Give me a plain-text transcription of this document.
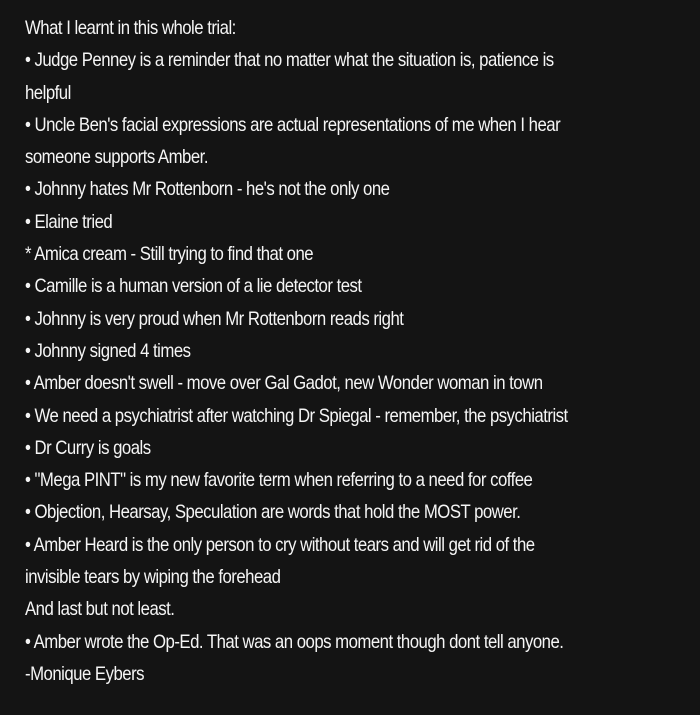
What I learnt in this whole trial:
• Judge Penney is a reminder that no matter what the situation is, patience is
helpful
• Uncle Ben's facial expressions are actual representations of me when I hear
someone supports Amber.
• Johnny hates Mr Rottenborn - he's not the only one
• Elaine tried
* Amica cream - Still trying to find that one
• Camille is a human version of a lie detector test
• Johnny is very proud when Mr Rottenborn reads right
• Johnny signed 4 times
• Amber doesn't swell - move over Gal Gadot, new Wonder woman in town
• We need a psychiatrist after watching Dr Spiegal - remember, the psychiatrist
• Dr Curry is goals
• "Mega PINT" is my new favorite term when referring to a need for coffee
• Objection, Hearsay, Speculation are words that hold the MOST power.
• Amber Heard is the only person to cry without tears and will get rid of the
invisible tears by wiping the forehead
And last but not least.
• Amber wrote the Op-Ed. That was an oops moment though dont tell anyone.
-Monique Eybers
